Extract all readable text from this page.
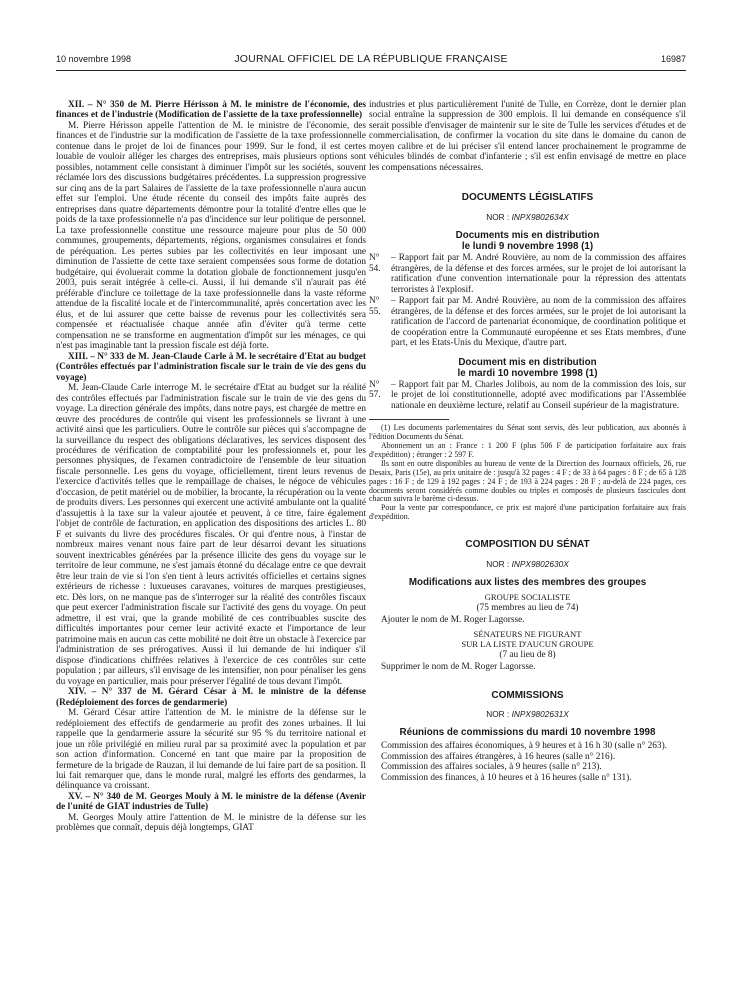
10 novembre 1998	JOURNAL OFFICIEL DE LA RÉPUBLIQUE FRANÇAISE	16987

XII. – N° 350 de M. Pierre Hérisson à M. le ministre de l'économie, des finances et de l'industrie (Modification de l'assiette de la taxe professionnelle)

M. Pierre Hérisson appelle l'attention de M. le ministre de l'économie, des finances et de l'industrie sur la modification de l'assiette de la taxe professionnelle contenue dans le projet de loi de finances pour 1999. Sur le fond, il est certes louable de vouloir alléger les charges des entreprises, mais plusieurs options sont possibles, notamment celle consistant à diminuer l'impôt sur les sociétés, souvent réclamée lors des discussions budgétaires précédentes. La suppression progressive sur cinq ans de la part Salaires de l'assiette de la taxe professionnelle n'aura aucun effet sur l'emploi. Une étude récente du conseil des impôts faite auprès des entreprises dans quatre départements démontre pour la totalité d'entre elles que le poids de la taxe professionnelle n'a pas d'incidence sur leur politique de personnel. La taxe professionnelle constitue une ressource majeure pour plus de 50 000 communes, groupements, départements, régions, organismes consulaires et fonds de péréquation. Les pertes subies par les collectivités en leur imposant une diminution de l'assiette de cette taxe seraient compensées sous forme de dotation budgétaire, qui évoluerait comme la dotation globale de fonctionnement jusqu'en 2003, puis serait intégrée à celle-ci. Aussi, il lui demande s'il n'aurait pas été préférable d'inclure ce toilettage de la taxe professionnelle dans la vaste réforme attendue de la fiscalité locale et de l'intercommunalité, après concertation avec les élus, et de lui assurer que cette baisse de revenus pour les collectivités sera compensée et réactualisée chaque année afin d'éviter qu'à terme cette compensation ne se transforme en augmentation d'impôt sur les ménages, ce qui n'est pas imaginable tant la pression fiscale est déjà forte.

XIII. – N° 333 de M. Jean-Claude Carle à M. le secrétaire d'Etat au budget (Contrôles effectués par l'administration fiscale sur le train de vie des gens du voyage)

M. Jean-Claude Carle interroge M. le secrétaire d'Etat au budget sur la réalité des contrôles effectués par l'administration fiscale sur le train de vie des gens du voyage. La direction générale des impôts, dans notre pays, est chargée de mettre en œuvre des procédures de contrôle qui visent les professionnels se livrant à une activité ainsi que les particuliers. Outre le contrôle sur pièces qui s'accompagne de la surveillance du respect des obligations déclaratives, les services disposent des procédures de vérification de comptabilité pour les professionnels et, pour les personnes physiques, de l'examen contradictoire de l'ensemble de leur situation fiscale personnelle. Les gens du voyage, officiellement, tirent leurs revenus de l'exercice d'activités telles que le rempaillage de chaises, le négoce de véhicules d'occasion, de petit matériel ou de mobilier, la brocante, la récupération ou la vente de produits divers. Les personnes qui exercent une activité ambulante ont la qualité d'assujettis à la taxe sur la valeur ajoutée et peuvent, à ce titre, faire également l'objet de contrôle de facturation, en application des dispositions des articles L. 80 F et suivants du livre des procédures fiscales. Or qui d'entre nous, à l'instar de nombreux maires venant nous faire part de leur désarroi devant les situations souvent inextricables générées par la présence illicite des gens du voyage sur le territoire de leur commune, ne s'est jamais étonné du décalage entre ce que devrait être leur train de vie si l'on s'en tient à leurs activités officielles et certains signes extérieurs de richesse : luxueuses caravanes, voitures de marques prestigieuses, etc. Dès lors, on ne manque pas de s'interroger sur la réalité des contrôles fiscaux que peut exercer l'administration fiscale sur l'activité des gens du voyage. On peut admettre, il est vrai, que la grande mobilité de ces contribuables suscite des difficultés importantes pour cerner leur activité exacte et l'importance de leur patrimoine mais en aucun cas cette mobilité ne doit être un obstacle à l'exercice par l'administration de ses prérogatives. Aussi il lui demande de lui indiquer s'il dispose d'indications chiffrées relatives à l'exercice de ces contrôles sur cette population ; par ailleurs, s'il envisage de les intensifier, non pour pénaliser les gens du voyage en particulier, mais pour préserver l'égalité de tous devant l'impôt.

XIV. – N° 337 de M. Gérard César à M. le ministre de la défense (Redéploiement des forces de gendarmerie)

M. Gérard César attire l'attention de M. le ministre de la défense sur le redéploiement des effectifs de gendarmerie au profit des zones urbaines. Il lui rappelle que la gendarmerie assure la sécurité sur 95 % du territoire national et joue un rôle privilégié en milieu rural par sa proximité avec la population et par son action d'information. Concerné en tant que maire par la proposition de fermeture de la brigade de Rauzan, il lui demande de lui faire part de sa position. Il lui fait remarquer que, dans le monde rural, malgré les efforts des gendarmes, la délinquance va croissant.

XV. – N° 340 de M. Georges Mouly à M. le ministre de la défense (Avenir de l'unité de GIAT industries de Tulle)

M. Georges Mouly attire l'attention de M. le ministre de la défense sur les problèmes que connaît, depuis déjà longtemps, GIAT

industries et plus particulièrement l'unité de Tulle, en Corrèze, dont le dernier plan social entraîne la suppression de 300 emplois. Il lui demande en conséquence s'il serait possible d'envisager de maintenir sur le site de Tulle les services d'études et de commercialisation, de confirmer la vocation du site dans le domaine du canon de moyen calibre et de lui préciser s'il entend lancer prochainement le programme de véhicules blindés de combat d'infanterie ; s'il est enfin envisagé de mettre en place les compensations nécessaires.

DOCUMENTS LÉGISLATIFS
NOR : INPX9802634X
Documents mis en distribution
le lundi 9 novembre 1998 (1)
N° 54.
– Rapport fait par M. André Rouvière, au nom de la commission des affaires étrangères, de la défense et des forces armées, sur le projet de loi autorisant la ratification d'une convention internationale pour la répression des attentats terroristes à l'explosif.
N° 55.
– Rapport fait par M. André Rouvière, au nom de la commission des affaires étrangères, de la défense et des forces armées, sur le projet de loi autorisant la ratification de l'accord de partenariat économique, de coordination politique et de coopération entre la Communauté européenne et ses Etats membres, d'une part, et les Etats-Unis du Mexique, d'autre part.
Document mis en distribution
le mardi 10 novembre 1998 (1)
N° 57.
– Rapport fait par M. Charles Jolibois, au nom de la commission des lois, sur le projet de loi constitutionnelle, adopté avec modifications par l'Assemblée nationale en deuxième lecture, relatif au Conseil supérieur de la magistrature.

(1) Les documents parlementaires du Sénat sont servis, dès leur publication, aux abonnés à l'édition Documents du Sénat.

Abonnement un an : France : 1 200 F (plus 506 F de participation forfaitaire aux frais d'expédition) ; étranger : 2 597 F.

Ils sont en outre disponibles au bureau de vente de la Direction des Journaux officiels, 26, rue Desaix, Paris (15e), au prix unitaire de : jusqu'à 32 pages : 4 F ; de 33 à 64 pages : 8 F ; de 65 à 128 pages : 16 F ; de 129 à 192 pages : 24 F ; de 193 à 224 pages : 28 F ; au-delà de 224 pages, ces documents seront considérés comme doubles ou triples et composés de plusieurs fascicules dont chacun suivra le barème ci-dessus.

Pour la vente par correspondance, ce prix est majoré d'une participation forfaitaire aux frais d'expédition.

COMPOSITION DU SÉNAT
NOR : INPX9802630X
Modifications aux listes des membres des groupes

GROUPE SOCIALISTE

(75 membres au lieu de 74)

Ajouter le nom de M. Roger Lagorsse.

SÉNATEURS NE FIGURANT

SUR LA LISTE D'AUCUN GROUPE

(7 au lieu de 8)

Supprimer le nom de M. Roger Lagorsse.

COMMISSIONS
NOR : INPX9802631X
Réunions de commissions du mardi 10 novembre 1998

Commission des affaires économiques, à 9 heures et à 16 h 30 (salle n° 263).

Commission des affaires étrangères, à 16 heures (salle n° 216).

Commission des affaires sociales, à 9 heures (salle n° 213).

Commission des finances, à 10 heures et à 16 heures (salle n° 131).
